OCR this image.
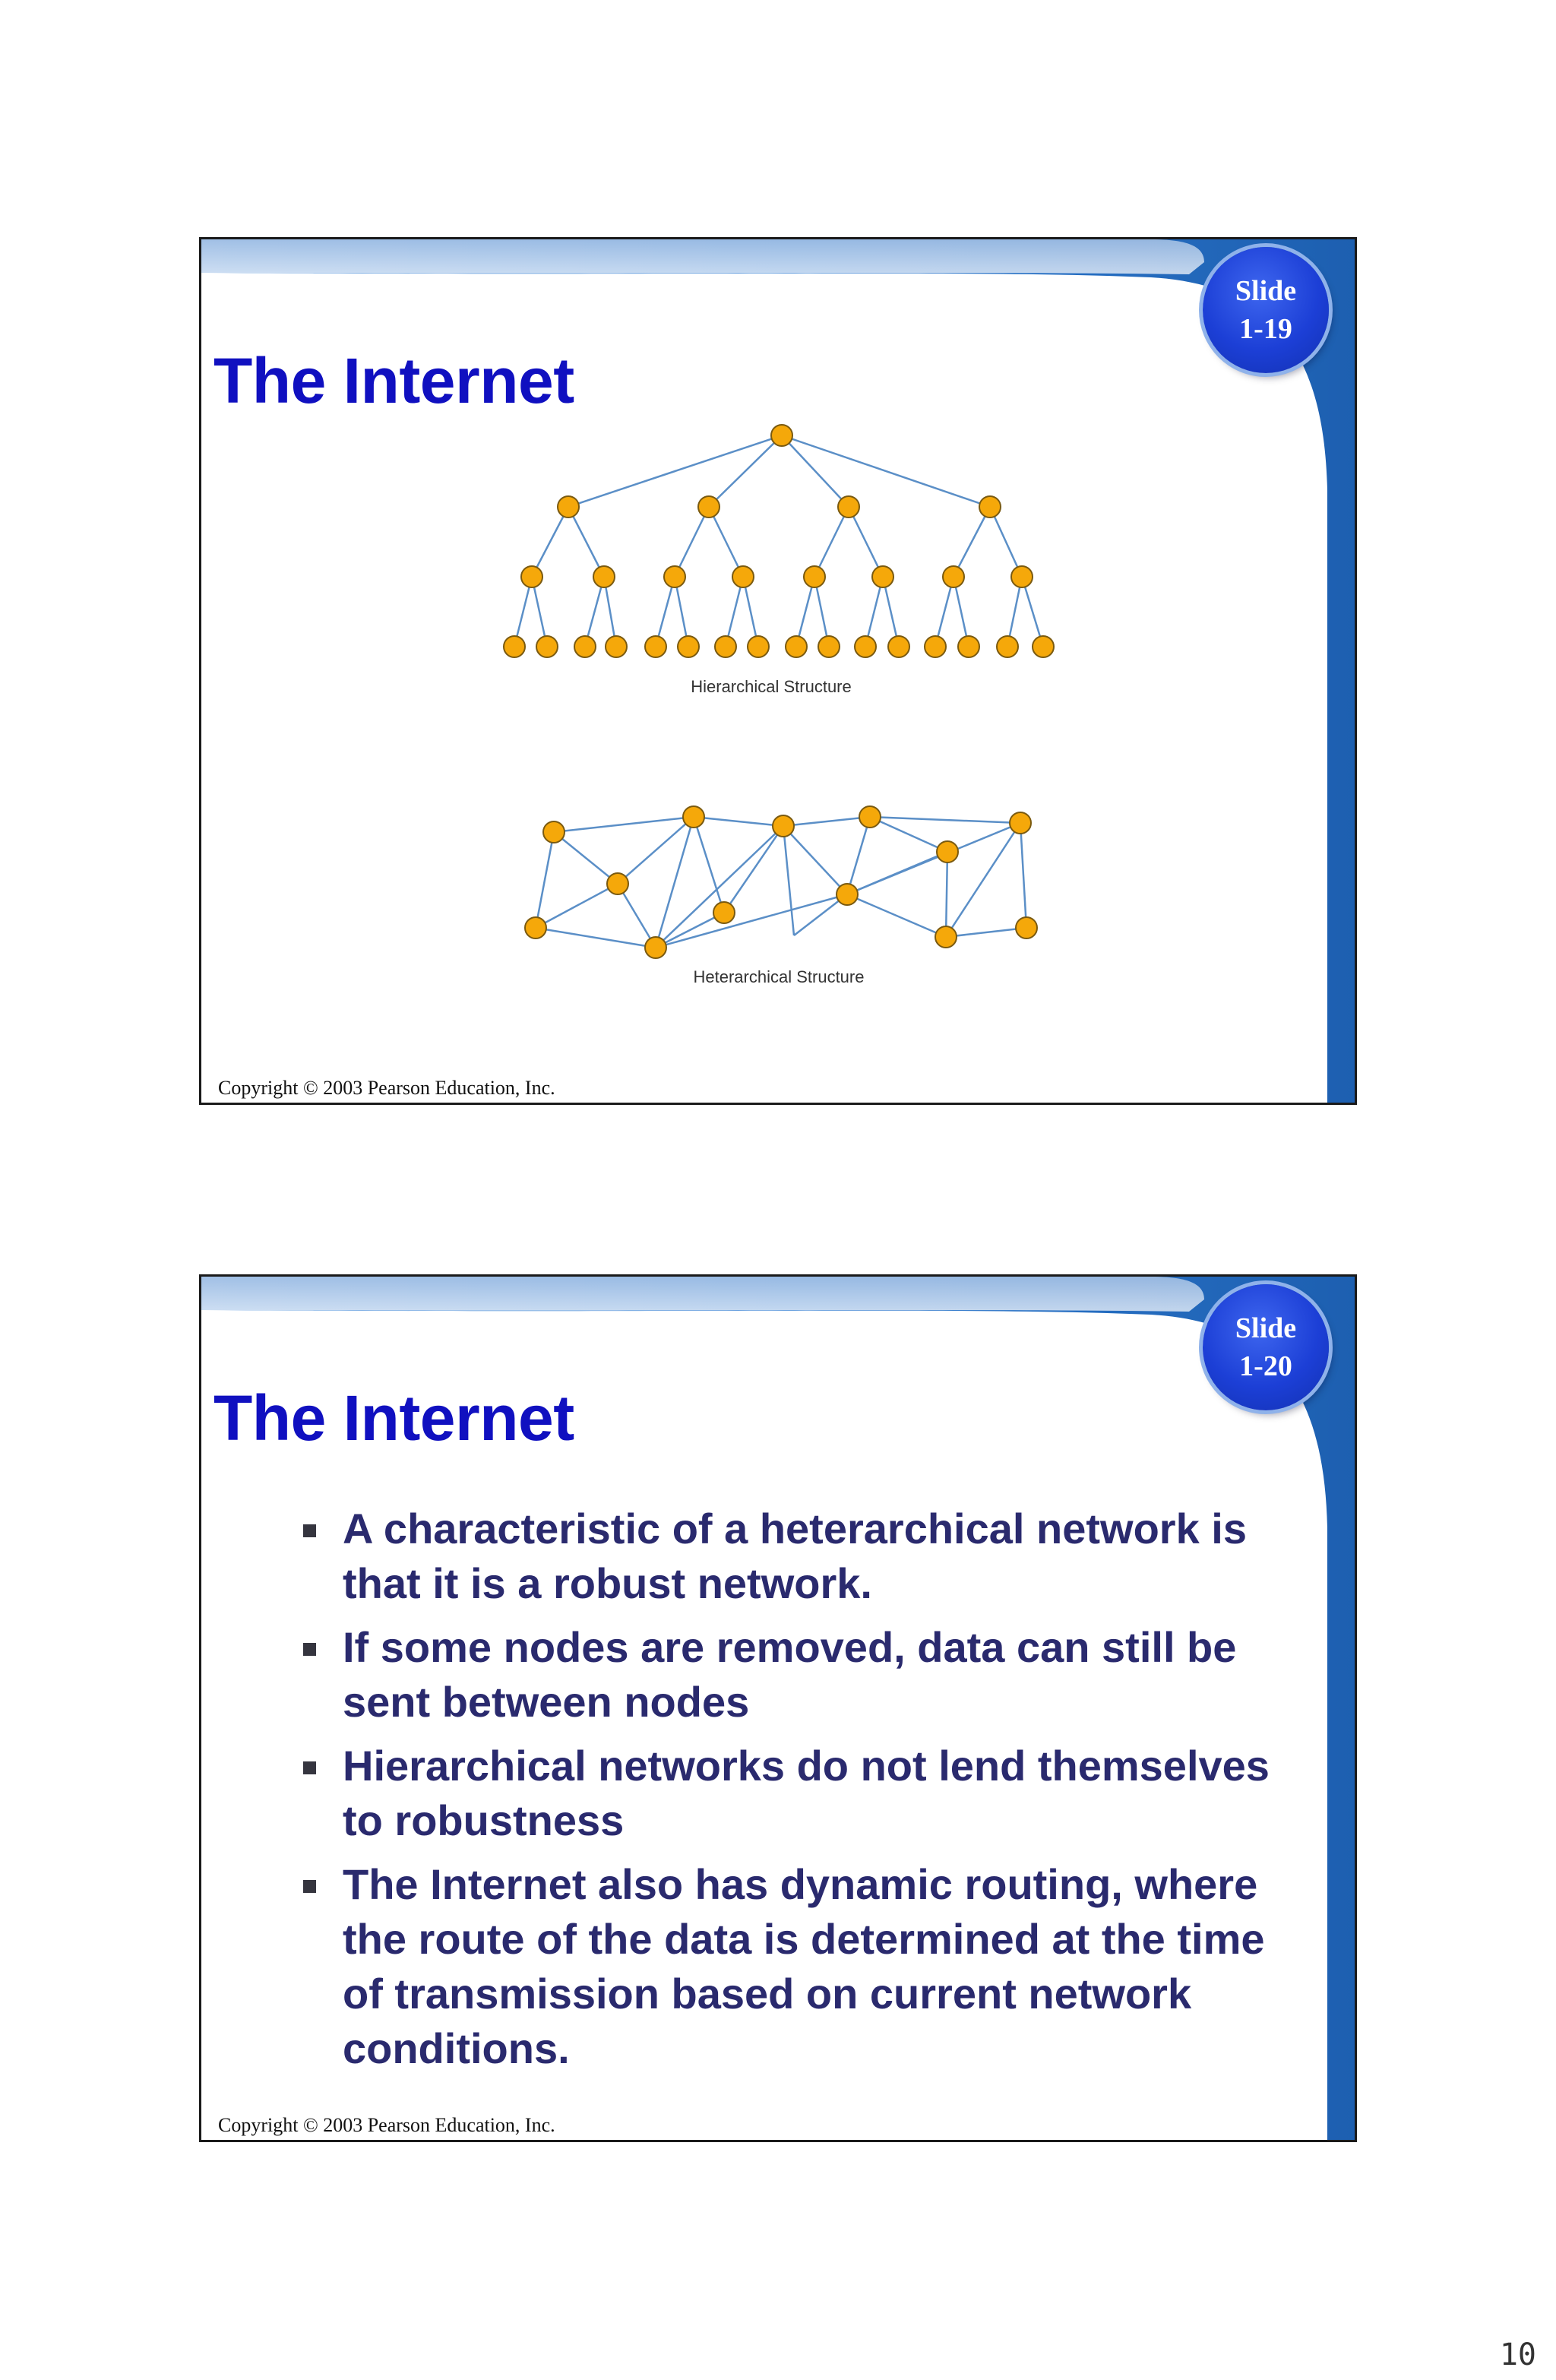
The Internet
Slide
1-19
Hierarchical Structure
Heterarchical Structure
Copyright © 2003 Pearson Education, Inc.
The Internet
Slide
1-20
A characteristic of a heterarchical network is that it is a robust network.
If some nodes are removed, data can still be sent between nodes
Hierarchical networks do not lend themselves to robustness
The Internet also has dynamic routing, where the route of the data is determined at the time of transmission based on current network conditions.
Copyright © 2003 Pearson Education, Inc.
10
